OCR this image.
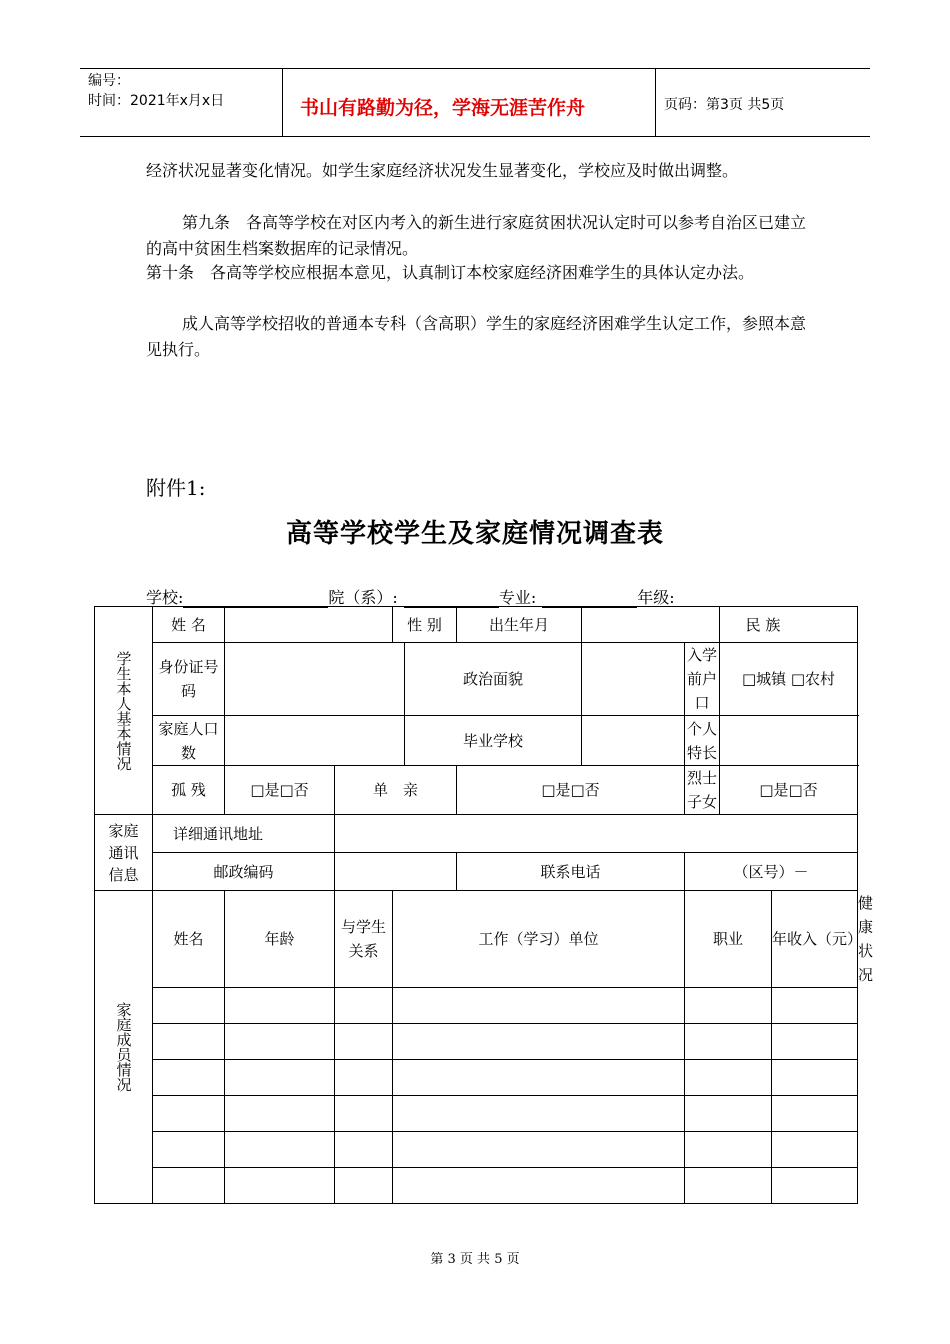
编号：
时间：2021年x月x日	书山有路勤为径，学海无涯苦作舟	页码：第3页 共5页
经济状况显著变化情况。如学生家庭经济状况发生显著变化，学校应及时做出调整。
第九条　各高等学校在对区内考入的新生进行家庭贫困状况认定时可以参考自治区已建立的高中贫困生档案数据库的记录情况。
第十条　各高等学校应根据本意见，认真制订本校家庭经济困难学生的具体认定办法。
成人高等学校招收的普通本专科（含高职）学生的家庭经济困难学生认定工作，参照本意见执行。
附件1:
高等学校学生及家庭情况调查表
学校:	院（系）:	专业:	年级:
学生本人基本情况	姓 名			性 别		出生年月			民 族		
	身份证号码				政治面貌			入学前户口	□城镇 □农村		
	家庭人口数				毕业学校			个人特长			
	孤 残	□是□否	单　亲			□是□否		烈士子女	□是□否		

家庭通讯信息	详细通讯地址										
	邮政编码					联系电话		（区号）－			

家庭成员情况	姓名	年龄	与学生关系	工作（学习）单位				职业		年收入（元）	健康状况

第 3 页 共 5 页
